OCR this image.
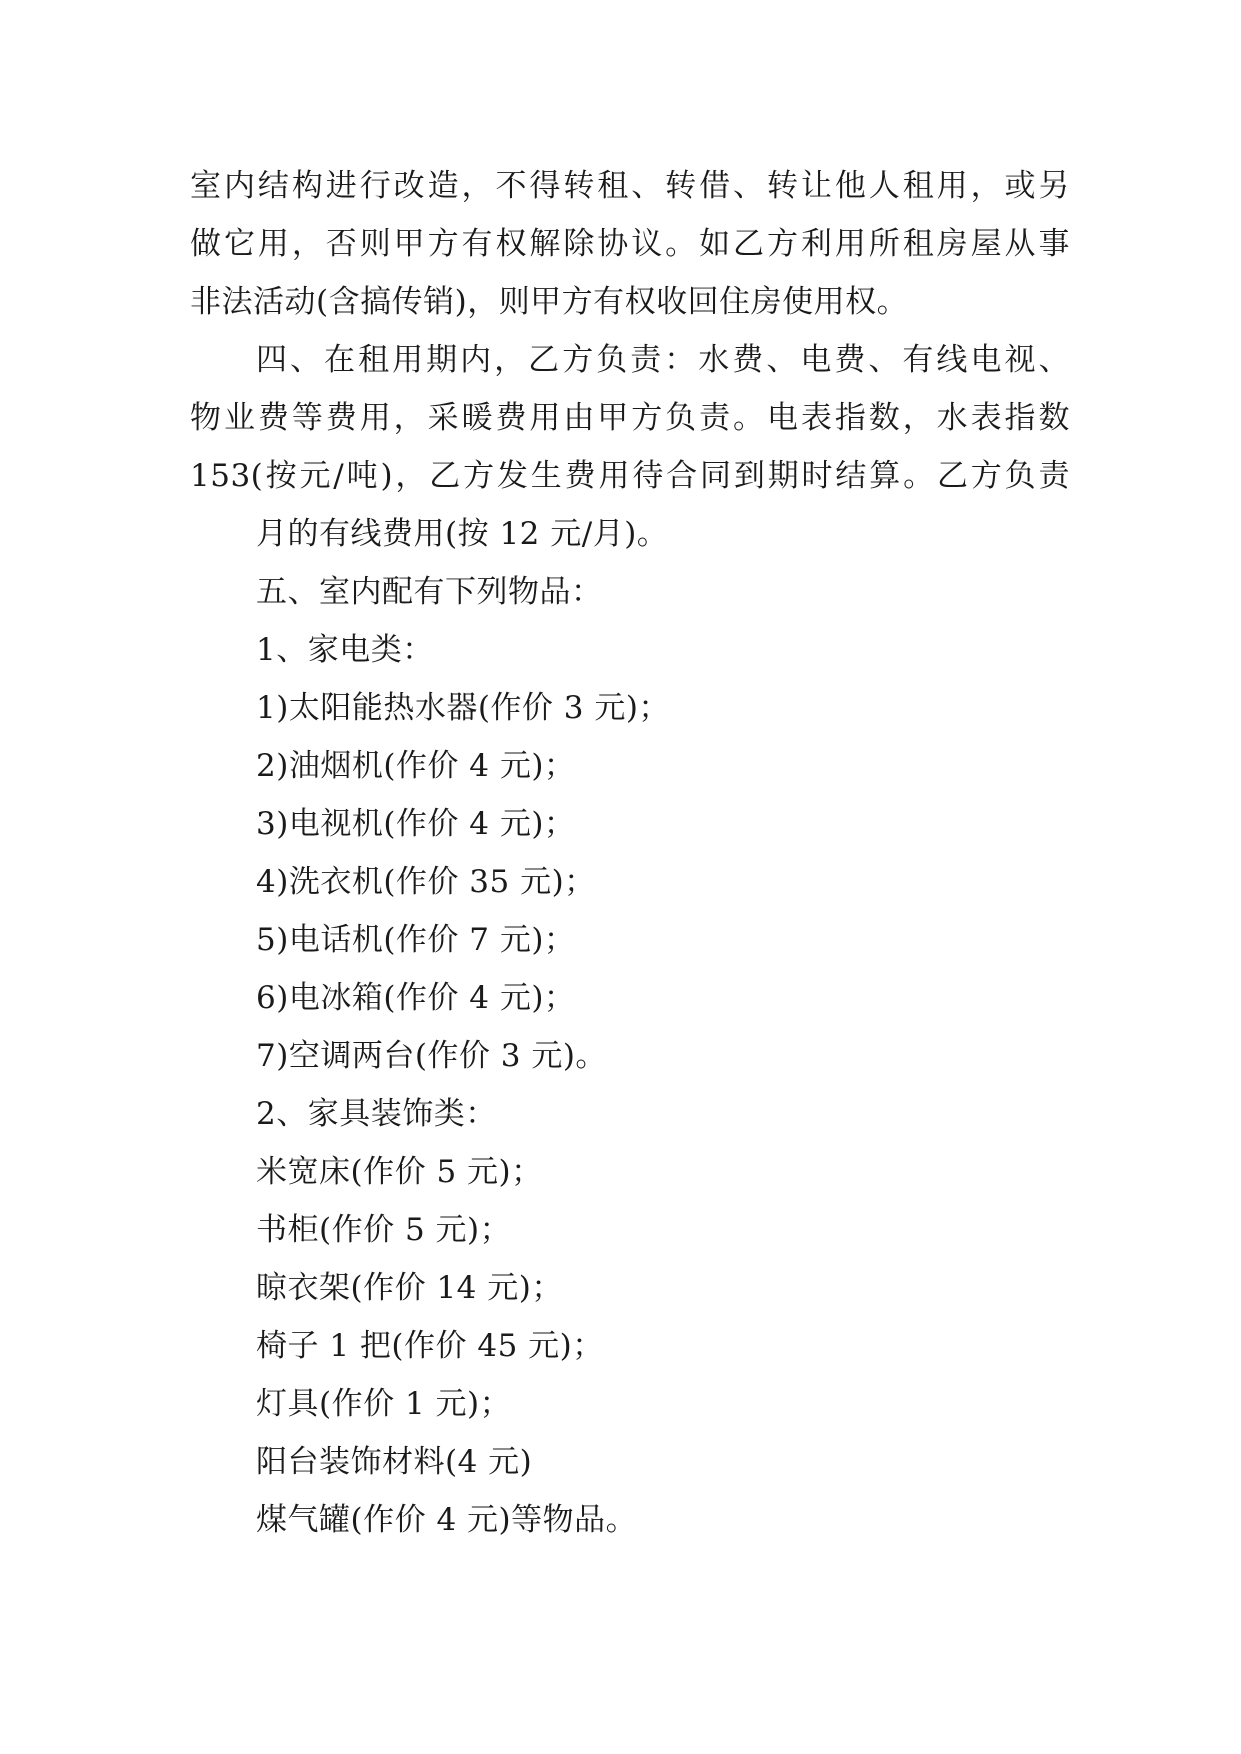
室内结构进行改造，不得转租、转借、转让他人租用，或另
做它用，否则甲方有权解除协议。如乙方利用所租房屋从事
非法活动(含搞传销)，则甲方有权收回住房使用权。
四、在租用期内，乙方负责：水费、电费、有线电视、
物业费等费用，采暖费用由甲方负责。电表指数，水表指数
153(按元/吨)，乙方发生费用待合同到期时结算。乙方负责
月的有线费用(按 12 元/月)。
五、室内配有下列物品：
1、家电类：
1)太阳能热水器(作价 3 元)；
2)油烟机(作价 4 元)；
3)电视机(作价 4 元)；
4)洗衣机(作价 35 元)；
5)电话机(作价 7 元)；
6)电冰箱(作价 4 元)；
7)空调两台(作价 3 元)。
2、家具装饰类：
米宽床(作价 5 元)；
书柜(作价 5 元)；
晾衣架(作价 14 元)；
椅子 1 把(作价 45 元)；
灯具(作价 1 元)；
阳台装饰材料(4 元)
煤气罐(作价 4 元)等物品。
